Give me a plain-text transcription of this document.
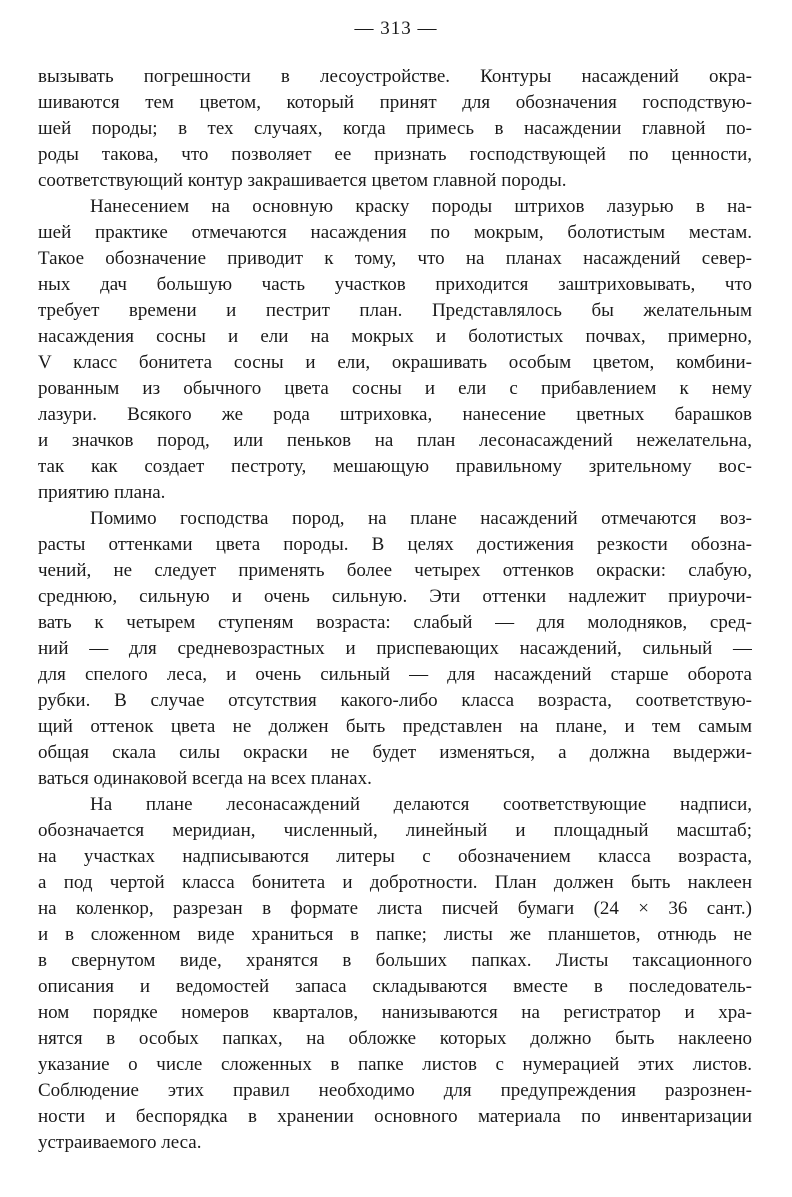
— 313 —
вызывать погрешности в лесоустройстве. Контуры насаждений окра-
шиваются тем цветом, который принят для обозначения господствую-
шей породы; в тех случаях, когда примесь в насаждении главной по-
роды такова, что позволяет ее признать господствующей по ценности,
соответствующий контур закрашивается цветом главной породы.
Нанесением на основную краску породы штрихов лазурью в на-
шей практике отмечаются насаждения по мокрым, болотистым местам.
Такое обозначение приводит к тому, что на планах насаждений север-
ных дач большую часть участков приходится заштриховывать, что
требует времени и пестрит план. Представлялось бы желательным
насаждения сосны и ели на мокрых и болотистых почвах, примерно,
V класс бонитета сосны и ели, окрашивать особым цветом, комбини-
рованным из обычного цвета сосны и ели с прибавлением к нему
лазури. Всякого же рода штриховка, нанесение цветных барашков
и значков пород, или пеньков на план лесонасаждений нежелательна,
так как создает пестроту, мешающую правильному зрительному вос-
приятию плана.
Помимо господства пород, на плане насаждений отмечаются воз-
расты оттенками цвета породы. В целях достижения резкости обозна-
чений, не следует применять более четырех оттенков окраски: слабую,
среднюю, сильную и очень сильную. Эти оттенки надлежит приурочи-
вать к четырем ступеням возраста: слабый — для молодняков, сред-
ний — для средневозрастных и приспевающих насаждений, сильный —
для спелого леса, и очень сильный — для насаждений старше оборота
рубки. В случае отсутствия какого-либо класса возраста, соответствую-
щий оттенок цвета не должен быть представлен на плане, и тем самым
общая скала силы окраски не будет изменяться, а должна выдержи-
ваться одинаковой всегда на всех планах.
На плане лесонасаждений делаются соответствующие надписи,
обозначается меридиан, численный, линейный и площадный масштаб;
на участках надписываются литеры с обозначением класса возраста,
а под чертой класса бонитета и добротности. План должен быть наклеен
на коленкор, разрезан в формате листа писчей бумаги (24 × 36 сант.)
и в сложенном виде храниться в папке; листы же планшетов, отнюдь не
в свернутом виде, хранятся в больших папках. Листы таксационного
описания и ведомостей запаса складываются вместе в последователь-
ном порядке номеров кварталов, нанизываются на регистратор и хра-
нятся в особых папках, на обложке которых должно быть наклеено
указание о числе сложенных в папке листов с нумерацией этих листов.
Соблюдение этих правил необходимо для предупреждения разрознен-
ности и беспорядка в хранении основного материала по инвентаризации
устраиваемого леса.
